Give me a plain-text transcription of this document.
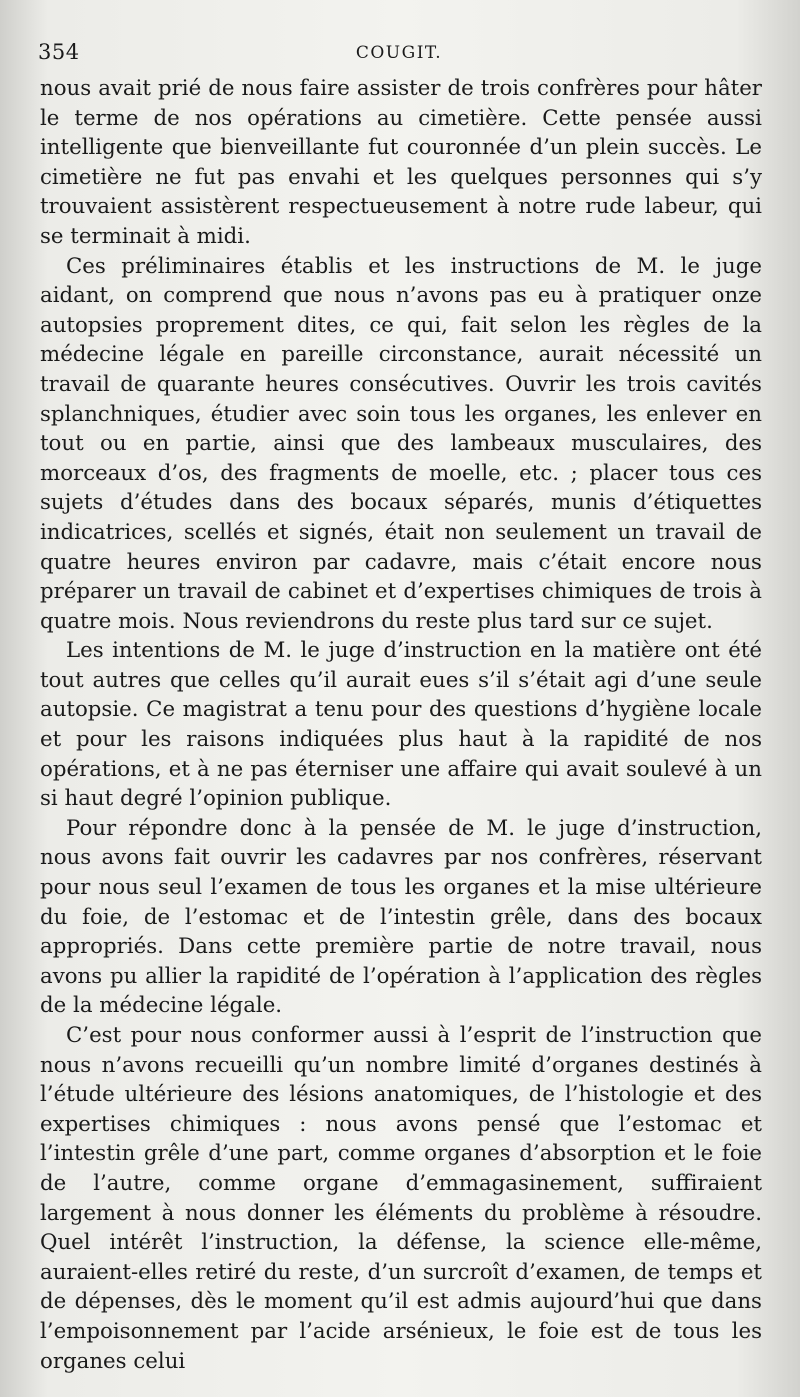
354	COUGIT.

nous avait prié de nous faire assister de trois confrères pour hâter le terme de nos opérations au cimetière. Cette pensée aussi intelligente que bienveillante fut couronnée d’un plein succès. Le cimetière ne fut pas envahi et les quelques personnes qui s’y trouvaient assistèrent respectueusement à notre rude labeur, qui se terminait à midi.

Ces préliminaires établis et les instructions de M. le juge aidant, on comprend que nous n’avons pas eu à pratiquer onze autopsies proprement dites, ce qui, fait selon les règles de la médecine légale en pareille circonstance, aurait nécessité un travail de quarante heures consécutives. Ouvrir les trois cavités splanchniques, étudier avec soin tous les organes, les enlever en tout ou en partie, ainsi que des lambeaux musculaires, des morceaux d’os, des fragments de moelle, etc. ; placer tous ces sujets d’études dans des bocaux séparés, munis d’étiquettes indicatrices, scellés et signés, était non seulement un travail de quatre heures environ par cadavre, mais c’était encore nous préparer un travail de cabinet et d’expertises chimiques de trois à quatre mois. Nous reviendrons du reste plus tard sur ce sujet.

Les intentions de M. le juge d’instruction en la matière ont été tout autres que celles qu’il aurait eues s’il s’était agi d’une seule autopsie. Ce magistrat a tenu pour des questions d’hygiène locale et pour les raisons indiquées plus haut à la rapidité de nos opérations, et à ne pas éterniser une affaire qui avait soulevé à un si haut degré l’opinion publique.

Pour répondre donc à la pensée de M. le juge d’instruction, nous avons fait ouvrir les cadavres par nos confrères, réservant pour nous seul l’examen de tous les organes et la mise ultérieure du foie, de l’estomac et de l’intestin grêle, dans des bocaux appropriés. Dans cette première partie de notre travail, nous avons pu allier la rapidité de l’opération à l’application des règles de la médecine légale.

C’est pour nous conformer aussi à l’esprit de l’instruction que nous n’avons recueilli qu’un nombre limité d’organes destinés à l’étude ultérieure des lésions anatomiques, de l’histologie et des expertises chimiques : nous avons pensé que l’estomac et l’intestin grêle d’une part, comme organes d’absorption et le foie de l’autre, comme organe d’emmagasinement, suffiraient largement à nous donner les éléments du problème à résoudre. Quel intérêt l’instruction, la défense, la science elle-même, auraient-elles retiré du reste, d’un surcroît d’examen, de temps et de dépenses, dès le moment qu’il est admis aujourd’hui que dans l’empoisonnement par l’acide arsénieux, le foie est de tous les organes celui
